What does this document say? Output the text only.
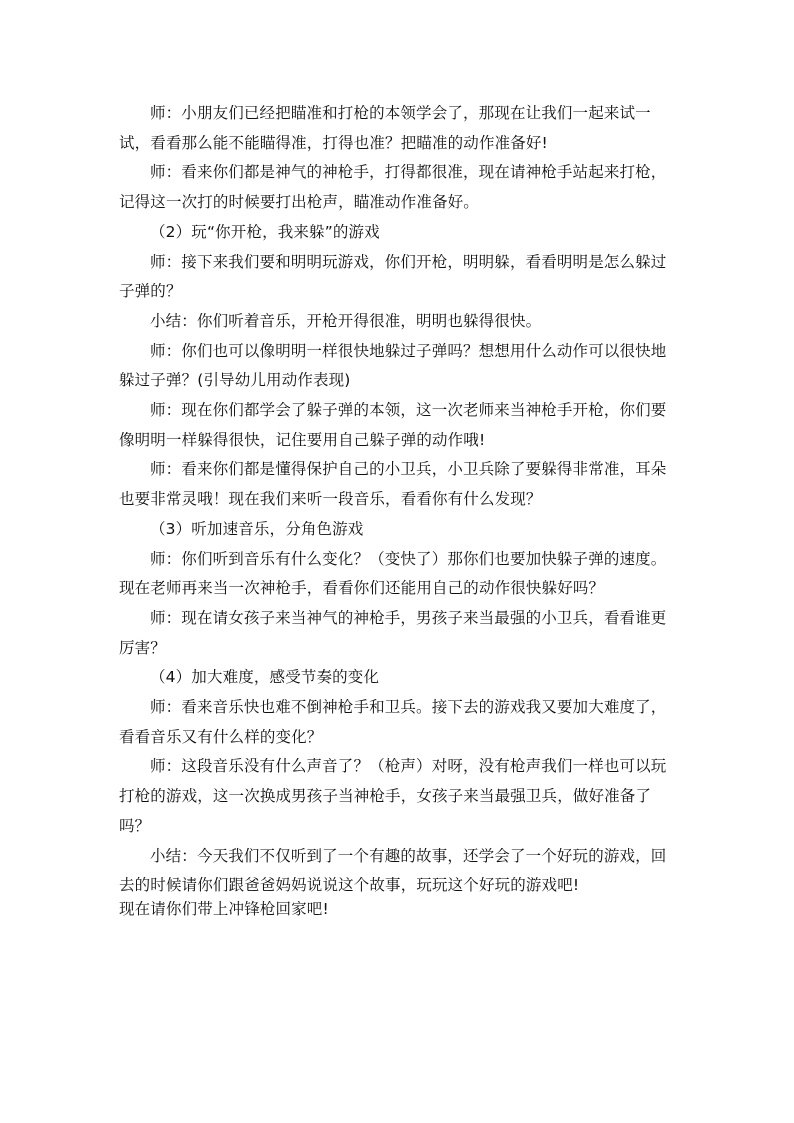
师：小朋友们已经把瞄准和打枪的本领学会了，那现在让我们一起来试一试，看看那么能不能瞄得准，打得也准？把瞄准的动作准备好!

师：看来你们都是神气的神枪手，打得都很准，现在请神枪手站起来打枪，记得这一次打的时候要打出枪声，瞄准动作准备好。

（2）玩“你开枪，我来躲”的游戏

师：接下来我们要和明明玩游戏，你们开枪，明明躲，看看明明是怎么躲过子弹的？

小结：你们听着音乐，开枪开得很准，明明也躲得很快。

师：你们也可以像明明一样很快地躲过子弹吗？想想用什么动作可以很快地躲过子弹？(引导幼儿用动作表现)

师：现在你们都学会了躲子弹的本领，这一次老师来当神枪手开枪，你们要像明明一样躲得很快，记住要用自己躲子弹的动作哦!

师：看来你们都是懂得保护自己的小卫兵，小卫兵除了要躲得非常准，耳朵也要非常灵哦！现在我们来听一段音乐，看看你有什么发现？

（3）听加速音乐，分角色游戏

师：你们听到音乐有什么变化？（变快了）那你们也要加快躲子弹的速度。现在老师再来当一次神枪手，看看你们还能用自己的动作很快躲好吗？

师：现在请女孩子来当神气的神枪手，男孩子来当最强的小卫兵，看看谁更厉害？

（4）加大难度，感受节奏的变化

师：看来音乐快也难不倒神枪手和卫兵。接下去的游戏我又要加大难度了，看看音乐又有什么样的变化？

师：这段音乐没有什么声音了？（枪声）对呀，没有枪声我们一样也可以玩打枪的游戏，这一次换成男孩子当神枪手，女孩子来当最强卫兵，做好准备了吗？

小结：今天我们不仅听到了一个有趣的故事，还学会了一个好玩的游戏，回去的时候请你们跟爸爸妈妈说说这个故事，玩玩这个好玩的游戏吧!

现在请你们带上冲锋枪回家吧!
